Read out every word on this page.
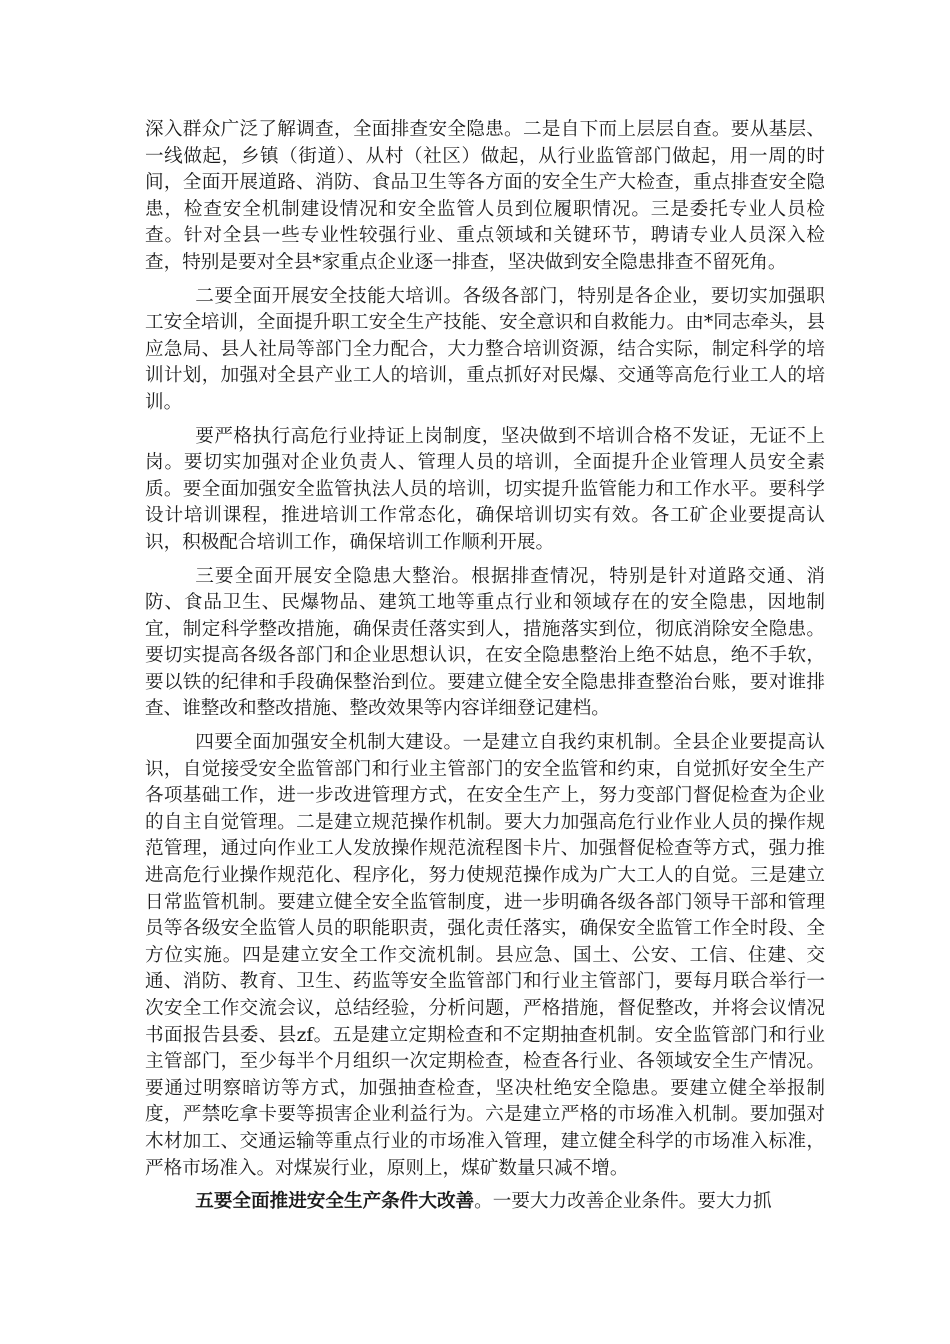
深入群众广泛了解调查，全面排查安全隐患。二是自下而上层层自查。要从基层、一线做起，乡镇（街道）、从村（社区）做起，从行业监管部门做起，用一周的时间，全面开展道路、消防、食品卫生等各方面的安全生产大检查，重点排查安全隐患，检查安全机制建设情况和安全监管人员到位履职情况。三是委托专业人员检查。针对全县一些专业性较强行业、重点领域和关键环节，聘请专业人员深入检查，特别是要对全县*家重点企业逐一排查，坚决做到安全隐患排查不留死角。

二要全面开展安全技能大培训。各级各部门，特别是各企业，要切实加强职工安全培训，全面提升职工安全生产技能、安全意识和自救能力。由*同志牵头，县应急局、县人社局等部门全力配合，大力整合培训资源，结合实际，制定科学的培训计划，加强对全县产业工人的培训，重点抓好对民爆、交通等高危行业工人的培训。

要严格执行高危行业持证上岗制度，坚决做到不培训合格不发证，无证不上岗。要切实加强对企业负责人、管理人员的培训，全面提升企业管理人员安全素质。要全面加强安全监管执法人员的培训，切实提升监管能力和工作水平。要科学设计培训课程，推进培训工作常态化，确保培训切实有效。各工矿企业要提高认识，积极配合培训工作，确保培训工作顺利开展。

三要全面开展安全隐患大整治。根据排查情况，特别是针对道路交通、消防、食品卫生、民爆物品、建筑工地等重点行业和领域存在的安全隐患，因地制宜，制定科学整改措施，确保责任落实到人，措施落实到位，彻底消除安全隐患。要切实提高各级各部门和企业思想认识，在安全隐患整治上绝不姑息，绝不手软，要以铁的纪律和手段确保整治到位。要建立健全安全隐患排查整治台账，要对谁排查、谁整改和整改措施、整改效果等内容详细登记建档。

四要全面加强安全机制大建设。一是建立自我约束机制。全县企业要提高认识，自觉接受安全监管部门和行业主管部门的安全监管和约束，自觉抓好安全生产各项基础工作，进一步改进管理方式，在安全生产上，努力变部门督促检查为企业的自主自觉管理。二是建立规范操作机制。要大力加强高危行业作业人员的操作规范管理，通过向作业工人发放操作规范流程图卡片、加强督促检查等方式，强力推进高危行业操作规范化、程序化，努力使规范操作成为广大工人的自觉。三是建立日常监管机制。要建立健全安全监管制度，进一步明确各级各部门领导干部和管理员等各级安全监管人员的职能职责，强化责任落实，确保安全监管工作全时段、全方位实施。四是建立安全工作交流机制。县应急、国土、公安、工信、住建、交通、消防、教育、卫生、药监等安全监管部门和行业主管部门，要每月联合举行一次安全工作交流会议，总结经验，分析问题，严格措施，督促整改，并将会议情况书面报告县委、县zf。五是建立定期检查和不定期抽查机制。安全监管部门和行业主管部门，至少每半个月组织一次定期检查，检查各行业、各领域安全生产情况。要通过明察暗访等方式，加强抽查检查，坚决杜绝安全隐患。要建立健全举报制度，严禁吃拿卡要等损害企业利益行为。六是建立严格的市场准入机制。要加强对木材加工、交通运输等重点行业的市场准入管理，建立健全科学的市场准入标准，严格市场准入。对煤炭行业，原则上，煤矿数量只减不增。

五要全面推进安全生产条件大改善。一要大力改善企业条件。要大力抓
